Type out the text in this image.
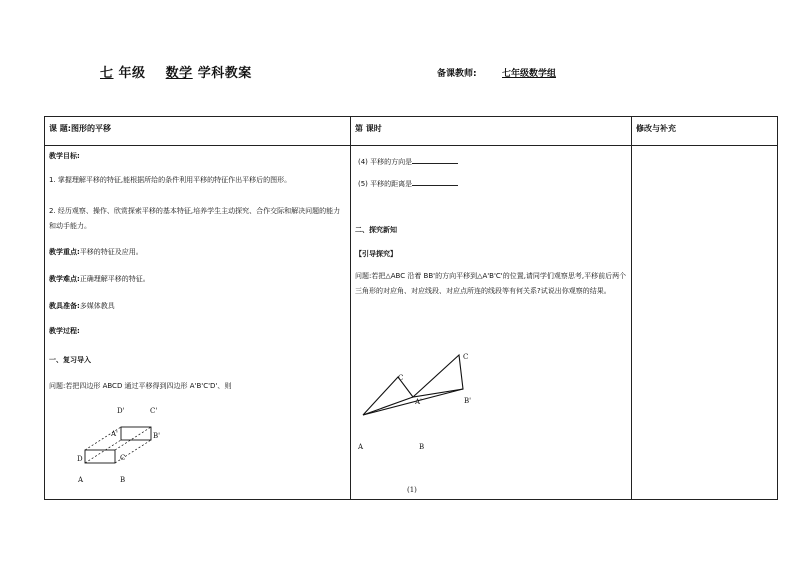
七 年级 数学 学科教案	备课教师:	七年级数学组
课 题:图形的平移	第 课时	修改与补充
教学目标:
1. 掌握理解平移的特征,能根据所给的条件利用平移的特征作出平移后的图形。
2. 经历观察、操作、欣赏探索平移的基本特征,培养学生主动探究、合作交际和解决问题的能力和动手能力。
教学重点:平移的特征及应用。
教学难点:正确理解平移的特征。
教具准备:多媒体教具
教学过程:
一、复习导入
问题:若把四边形 ABCD 通过平移得到四边形 A'B'C'D'、则
D'	C'
A'	B'
D	C
A	B
(4) 平移的方向是
(5) 平移的距离是
二、探究新知
【引导探究】
问题:若把△ABC 沿着 BB'的方向平移到△A'B'C'的位置,请同学们观察思考,平移前后两个三角形的对应角、对应线段、对应点所连的线段等有何关系?试说出你观察的结果。
C
C
A'	B'
A	B
(1)
